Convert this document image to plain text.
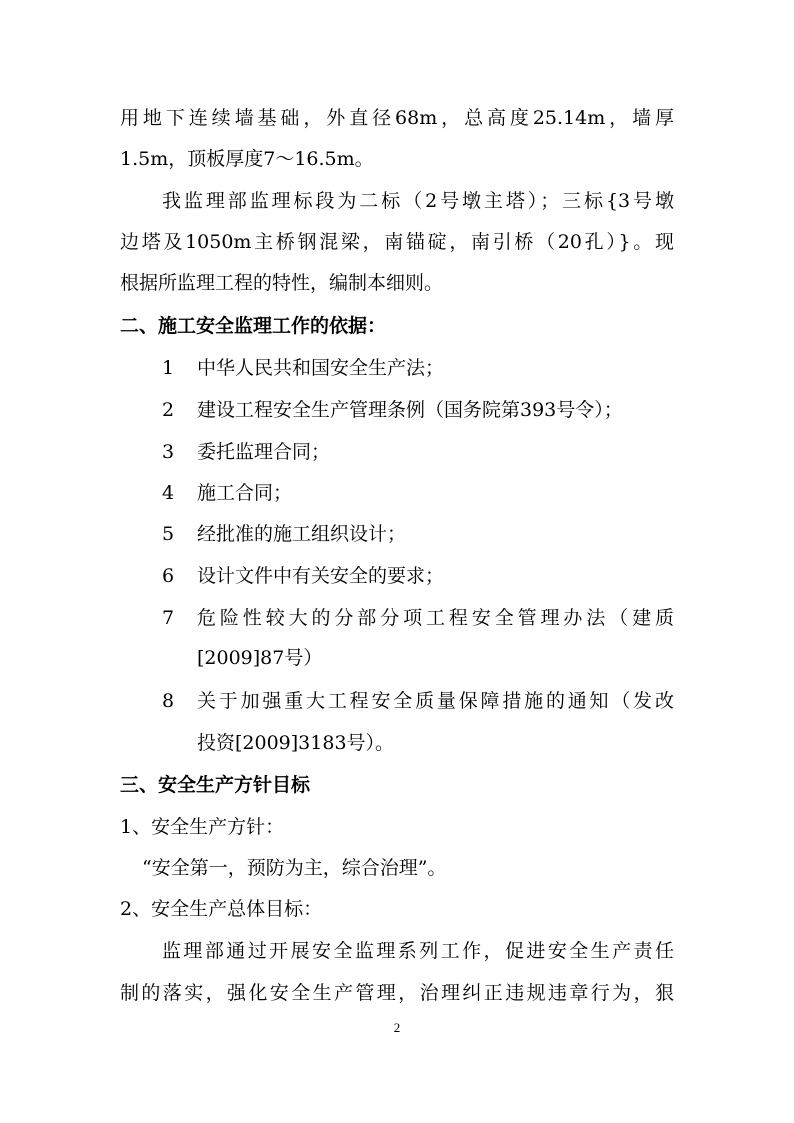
用地下连续墙基础，外直径68m，总高度25.14m，墙厚
1.5m，顶板厚度7～16.5m。
我监理部监理标段为二标（2号墩主塔）；三标{3号墩
边塔及1050m主桥钢混梁，南锚碇，南引桥（20孔）}。现
根据所监理工程的特性，编制本细则。
二、施工安全监理工作的依据：
1 中华人民共和国安全生产法；
2 建设工程安全生产管理条例（国务院第393号令）；
3 委托监理合同；
4 施工合同；
5 经批准的施工组织设计；
6 设计文件中有关安全的要求；
7 危险性较大的分部分项工程安全管理办法（建质
[2009]87号）
8 关于加强重大工程安全质量保障措施的通知（发改
投资[2009]3183号）。
三、安全生产方针目标
1、安全生产方针：
“安全第一，预防为主，综合治理”。
2、安全生产总体目标：
监理部通过开展安全监理系列工作，促进安全生产责任
制的落实，强化安全生产管理，治理纠正违规违章行为，狠
2
